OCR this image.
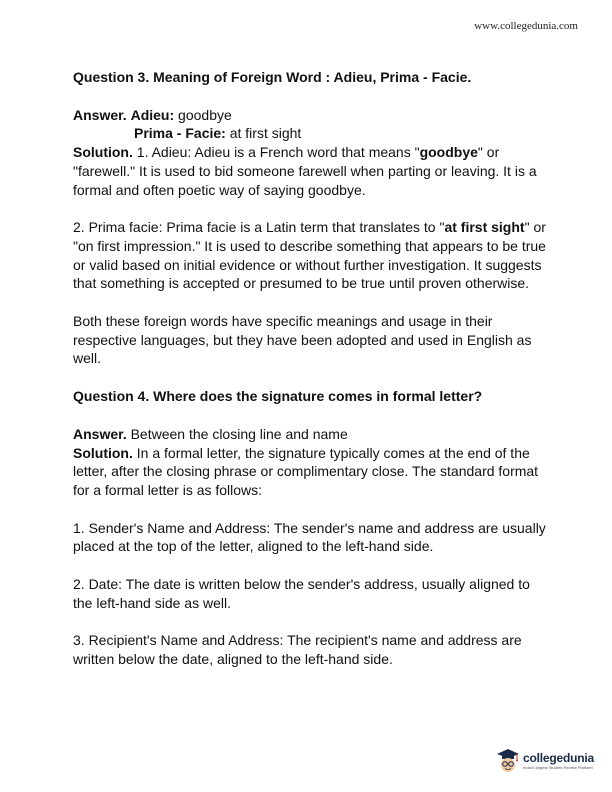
www.collegedunia.com

Question 3. Meaning of Foreign Word : Adieu, Prima - Facie.

Answer. Adieu: goodbye

Prima - Facie: at first sight

Solution. 1. Adieu: Adieu is a French word that means "goodbye" or "farewell." It is used to bid someone farewell when parting or leaving. It is a formal and often poetic way of saying goodbye.

2. Prima facie: Prima facie is a Latin term that translates to "at first sight" or "on first impression." It is used to describe something that appears to be true or valid based on initial evidence or without further investigation. It suggests that something is accepted or presumed to be true until proven otherwise.

Both these foreign words have specific meanings and usage in their respective languages, but they have been adopted and used in English as well.

Question 4. Where does the signature comes in formal letter?

Answer. Between the closing line and name

Solution. In a formal letter, the signature typically comes at the end of the letter, after the closing phrase or complimentary close. The standard format for a formal letter is as follows:

1. Sender's Name and Address: The sender's name and address are usually placed at the top of the letter, aligned to the left-hand side.

2. Date: The date is written below the sender's address, usually aligned to the left-hand side as well.

3. Recipient's Name and Address: The recipient's name and address are written below the date, aligned to the left-hand side.

collegedunia
India's largest Student Review Platform
